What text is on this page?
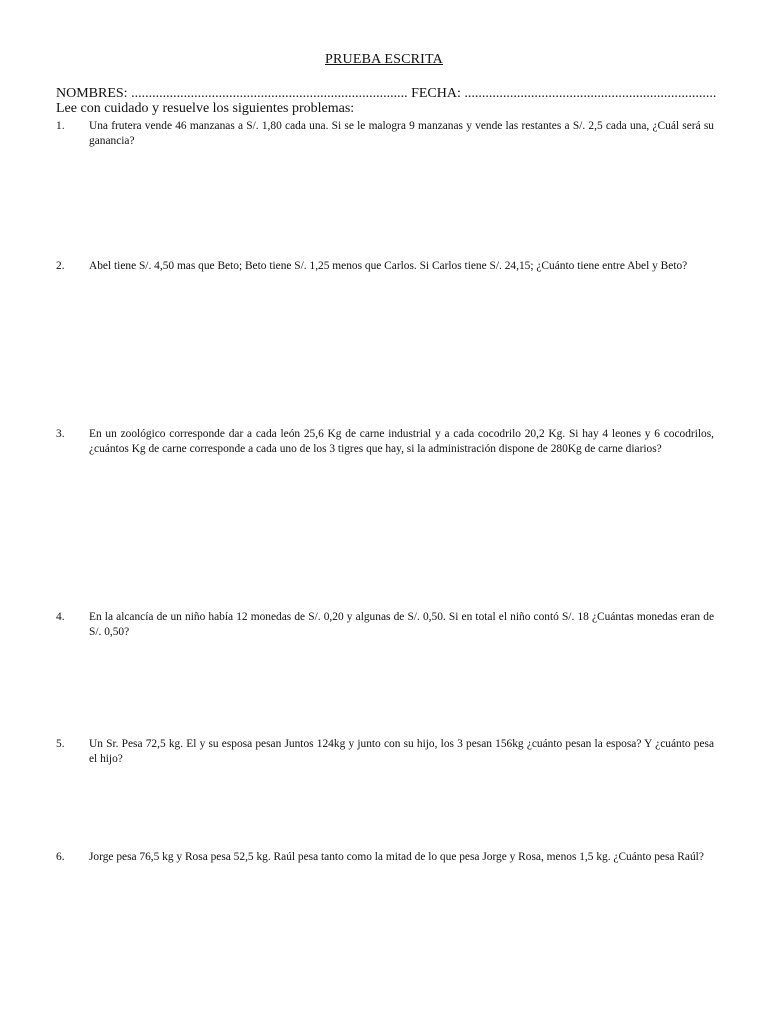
PRUEBA ESCRITA
NOMBRES: ............................................................................... FECHA: ........................................................................
Lee con cuidado y resuelve los siguientes problemas:
1.	Una frutera vende 46 manzanas a S/. 1,80 cada una. Si se le malogra 9 manzanas y vende las restantes a S/. 2,5 cada una, ¿Cuál será su ganancia?
2.	Abel tiene S/. 4,50 mas que Beto; Beto tiene S/. 1,25 menos que Carlos. Si Carlos tiene S/. 24,15; ¿Cuánto tiene entre Abel y Beto?
3.	En un zoológico corresponde dar a cada león 25,6 Kg de carne industrial y a cada cocodrilo 20,2 Kg. Si hay 4 leones y 6 cocodrilos, ¿cuántos Kg de carne corresponde a cada uno de los 3 tigres que hay, si la administración dispone de 280Kg de carne diarios?
4.	En la alcancía de un niño había 12 monedas de S/. 0,20 y algunas de S/. 0,50. Si en total el niño contó S/. 18 ¿Cuántas monedas eran de S/. 0,50?
5.	Un Sr. Pesa 72,5 kg. El y su esposa pesan Juntos 124kg y junto con su hijo, los 3 pesan 156kg ¿cuánto pesan la esposa? Y ¿cuánto pesa el hijo?
6.	Jorge pesa 76,5 kg y Rosa pesa 52,5 kg. Raúl pesa tanto como la mitad de lo que pesa Jorge y Rosa, menos 1,5 kg. ¿Cuánto pesa Raúl?
